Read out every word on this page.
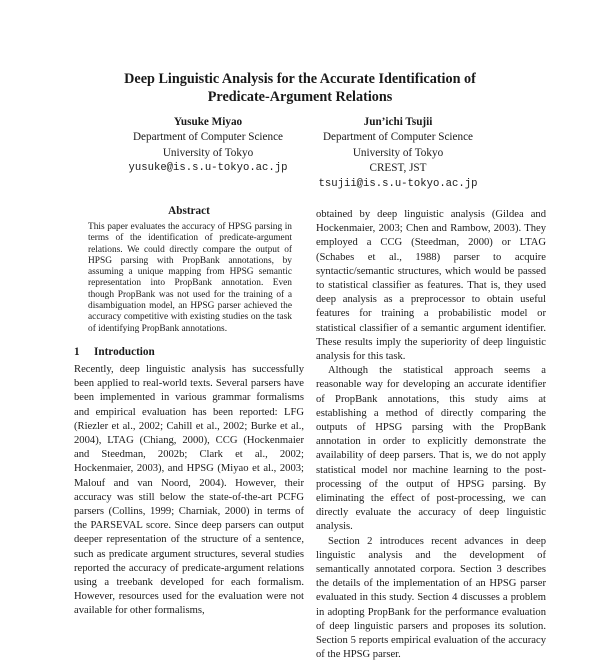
Deep Linguistic Analysis for the Accurate Identification of
Predicate-Argument Relations
Yusuke Miyao
Department of Computer Science
University of Tokyo
yusuke@is.s.u-tokyo.ac.jp
Jun’ichi Tsujii
Department of Computer Science
University of Tokyo
CREST, JST
tsujii@is.s.u-tokyo.ac.jp
Abstract

This paper evaluates the accuracy of HPSG parsing in terms of the identification of predicate-argument relations. We could directly compare the output of HPSG parsing with PropBank annotations, by assuming a unique mapping from HPSG semantic representation into PropBank annotation. Even though PropBank was not used for the training of a disambiguation model, an HPSG parser achieved the accuracy competitive with existing studies on the task of identifying PropBank annotations.

1 Introduction

Recently, deep linguistic analysis has successfully been applied to real-world texts. Several parsers have been implemented in various grammar formalisms and empirical evaluation has been reported: LFG (Riezler et al., 2002; Cahill et al., 2002; Burke et al., 2004), LTAG (Chiang, 2000), CCG (Hockenmaier and Steedman, 2002b; Clark et al., 2002; Hockenmaier, 2003), and HPSG (Miyao et al., 2003; Malouf and van Noord, 2004). However, their accuracy was still below the state-of-the-art PCFG parsers (Collins, 1999; Charniak, 2000) in terms of the PARSEVAL score. Since deep parsers can output deeper representation of the structure of a sentence, such as predicate argument structures, several studies reported the accuracy of predicate-argument relations using a treebank developed for each formalism. However, resources used for the evaluation were not available for other formalisms,

obtained by deep linguistic analysis (Gildea and Hockenmaier, 2003; Chen and Rambow, 2003). They employed a CCG (Steedman, 2000) or LTAG (Schabes et al., 1988) parser to acquire syntactic/semantic structures, which would be passed to statistical classifier as features. That is, they used deep analysis as a preprocessor to obtain useful features for training a probabilistic model or statistical classifier of a semantic argument identifier. These results imply the superiority of deep linguistic analysis for this task.

Although the statistical approach seems a reasonable way for developing an accurate identifier of PropBank annotations, this study aims at establishing a method of directly comparing the outputs of HPSG parsing with the PropBank annotation in order to explicitly demonstrate the availability of deep parsers. That is, we do not apply statistical model nor machine learning to the post-processing of the output of HPSG parsing. By eliminating the effect of post-processing, we can directly evaluate the accuracy of deep linguistic analysis.

Section 2 introduces recent advances in deep linguistic analysis and the development of semantically annotated corpora. Section 3 describes the details of the implementation of an HPSG parser evaluated in this study. Section 4 discusses a problem in adopting PropBank for the performance evaluation of deep linguistic parsers and proposes its solution. Section 5 reports empirical evaluation of the accuracy of the HPSG parser.
